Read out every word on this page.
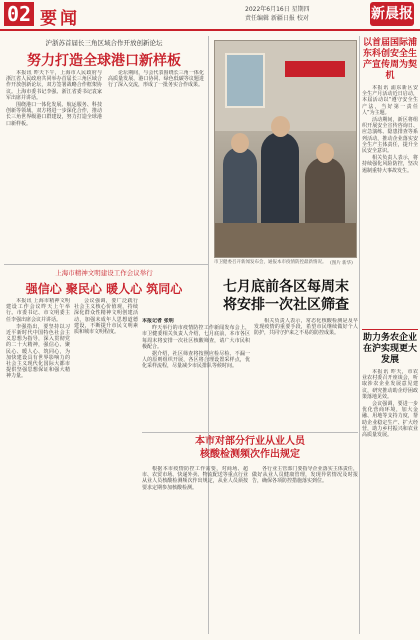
02 要闻	2022年6月16日 星期四
责任编辑 新疆日报 校对	新晨报
沪浙苏首届长三角区域合作开放创新论坛
努力打造全球港口新样板

本报讯 昨天下午，上海市人民政府与浙江省人民政府共同举办首届长三角区域合作开放创新论坛，双方签署战略合作框架协议。上海市委书记李强、浙江省委书记袁家军出席并讲话。

围绕港口一体化发展、航运服务、科技创新等领域，双方将进一步深化合作，推动长三角世界级港口群建设，努力打造全球港口新样板。

论坛期间，与会代表围绕长三角一体化高质量发展、港口协同、绿色低碳等议题进行了深入交流，形成了一批务实合作成果。

上海市精神文明建设工作会议举行
强信心 聚民心 暖人心 筑同心

本报讯 上海市精神文明建设工作会议昨天上午举行。市委书记、市文明委主任李强出席会议并讲话。

李强指出，要坚持以习近平新时代中国特色社会主义思想为指导，深入贯彻党的二十大精神，强信心、聚民心、暖人心、筑同心，为加快建设具有世界影响力的社会主义现代化国际大都市提供坚强思想保证和强大精神力量。

会议强调，要广泛践行社会主义核心价值观，持续深化群众性精神文明创建活动，加强未成年人思想道德建设，不断提升市民文明素质和城市文明程度。

市卫健委召开新闻发布会，通报本市疫情防控最新情况。 (图片 新华)
七月底前各区每周末
将安排一次社区筛查

本报记者 张明

昨天举行的市疫情防控工作新闻发布会上，市卫健委相关负责人介绍，七月底前，本市各区每周末将安排一次社区核酸筛查，请广大市民积极配合。

据介绍，社区筛查将按照应检尽检、不漏一人的原则组织开展，各区将合理设置采样点，优化采样流程，尽量减少市民排队等候时间。

相关负责人表示，常态化核酸检测是及早发现疫情的重要手段，希望市民继续做好个人防护，共同守护来之不易的防控成果。

本市对部分行业从业人员
核酸检测频次作出规定

根据本市疫情防控工作需要，对商场、超市、农贸市场、快递外卖、物流配送等重点行业从业人员核酸检测频次作出规定，从业人员须按要求定期参加核酸检测。

各行业主管部门要指导企业落实主体责任，做好从业人员健康管理，发现异常情况及时报告，确保各项防控措施落实到位。

以首届国际浦东科创安全生产宣传周为契机

本报讯 浦东新区安全生产月活动近日启动，本届活动以“遵守安全生产法，当好第一责任人”为主题。

活动期间，新区将组织开展安全宣传咨询日、应急演练、隐患排查等系列活动，推动企业落实安全生产主体责任，提升全民安全意识。

相关负责人表示，将持续强化风险防控，坚决遏制重特大事故发生。

助力务农企业在沪实现更大发展

本报讯 昨天，市农业农村委召开座谈会，听取涉农企业发展意见建议，研究推动助企纾困政策落地见效。

会议强调，要进一步优化营商环境，加大金融、用地等支持力度，帮助企业稳定生产、扩大经营，助力乡村振兴和农业高质量发展。
